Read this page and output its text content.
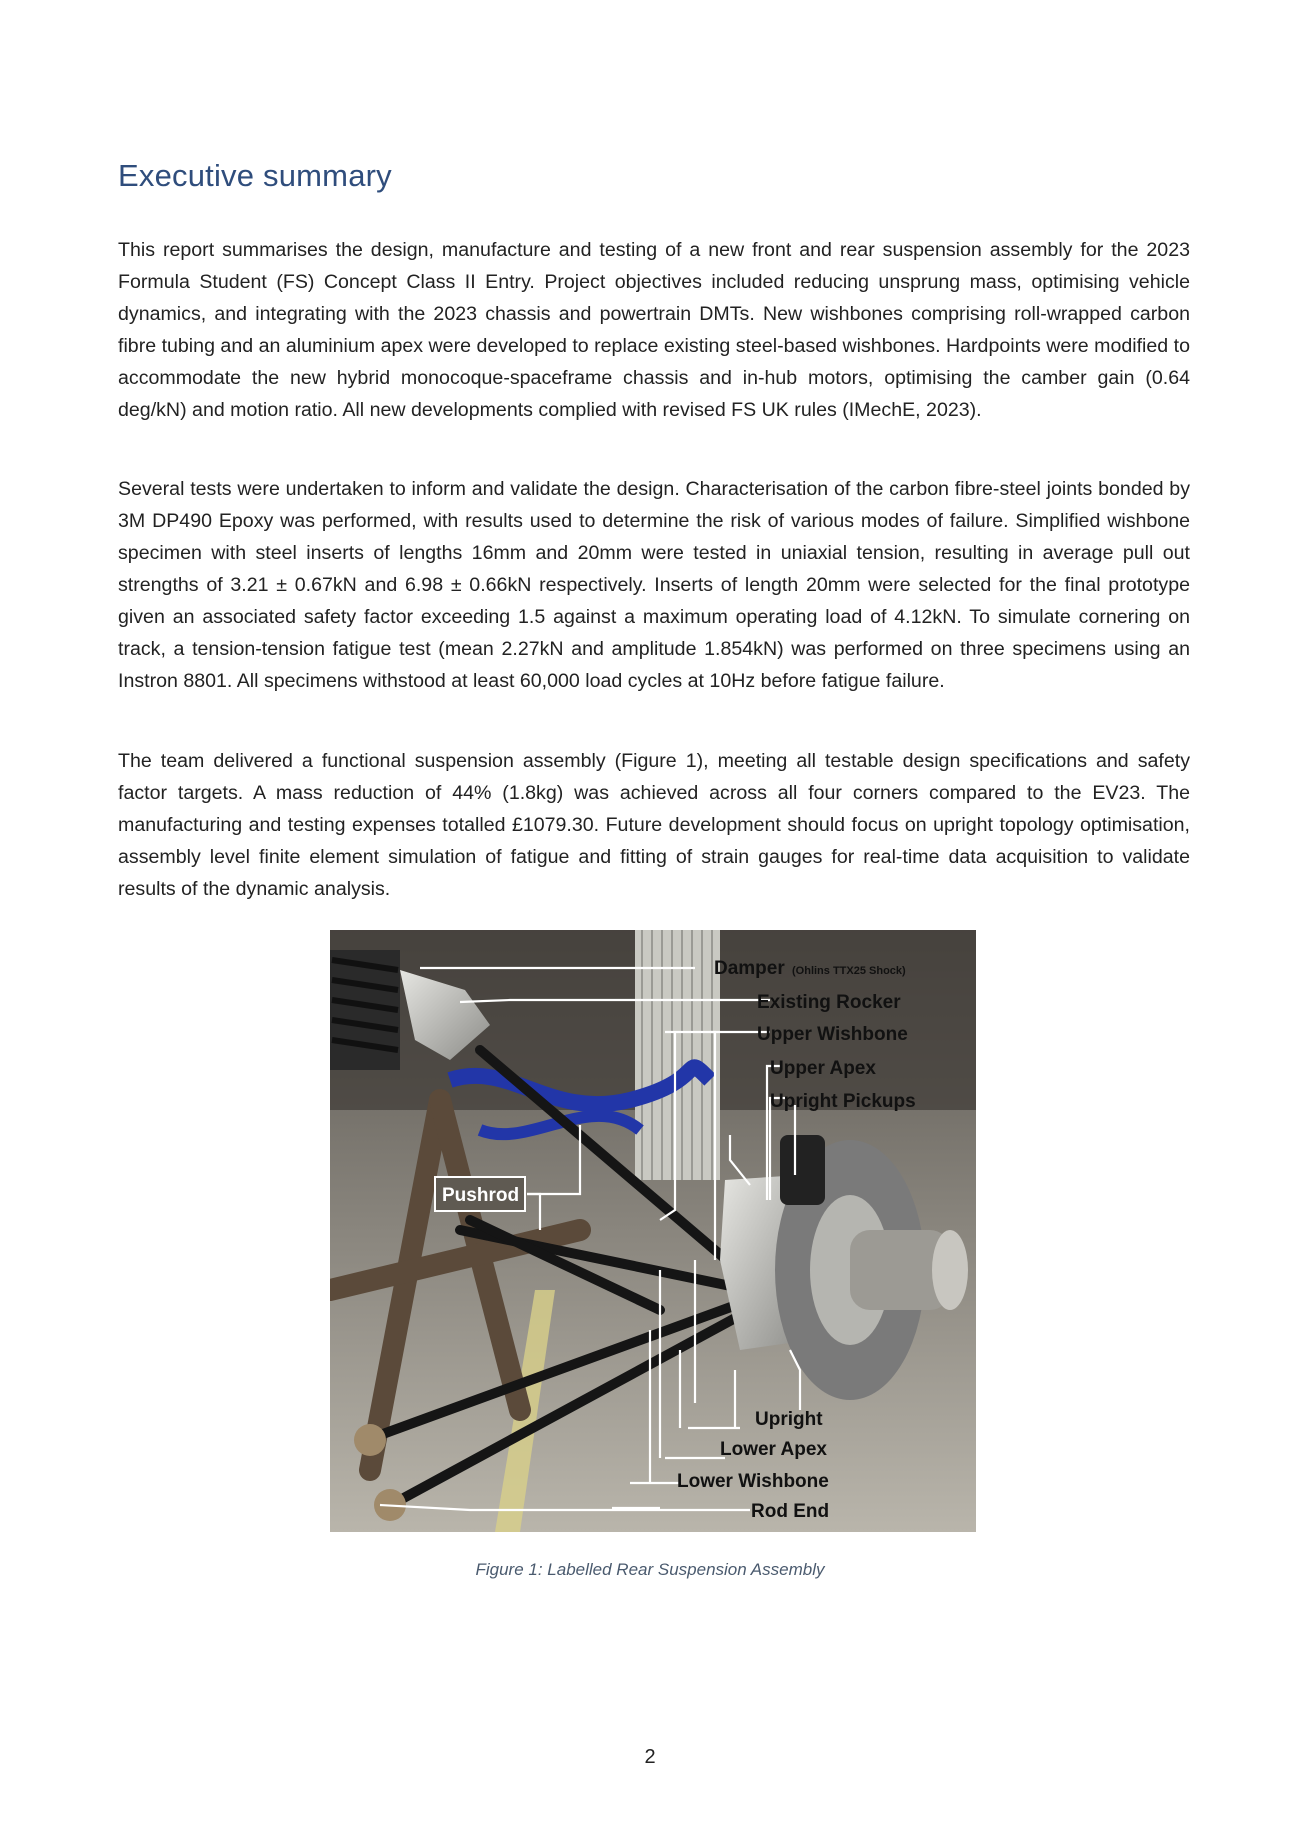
Executive summary

This report summarises the design, manufacture and testing of a new front and rear suspension assembly for the 2023 Formula Student (FS) Concept Class II Entry. Project objectives included reducing unsprung mass, optimising vehicle dynamics, and integrating with the 2023 chassis and powertrain DMTs. New wishbones comprising roll-wrapped carbon fibre tubing and an aluminium apex were developed to replace existing steel-based wishbones. Hardpoints were modified to accommodate the new hybrid monocoque-spaceframe chassis and in-hub motors, optimising the camber gain (0.64 deg/kN) and motion ratio. All new developments complied with revised FS UK rules (IMechE, 2023).

Several tests were undertaken to inform and validate the design. Characterisation of the carbon fibre-steel joints bonded by 3M DP490 Epoxy was performed, with results used to determine the risk of various modes of failure. Simplified wishbone specimen with steel inserts of lengths 16mm and 20mm were tested in uniaxial tension, resulting in average pull out strengths of 3.21 ± 0.67kN and 6.98 ± 0.66kN respectively. Inserts of length 20mm were selected for the final prototype given an associated safety factor exceeding 1.5 against a maximum operating load of 4.12kN. To simulate cornering on track, a tension-tension fatigue test (mean 2.27kN and amplitude 1.854kN) was performed on three specimens using an Instron 8801. All specimens withstood at least 60,000 load cycles at 10Hz before fatigue failure.

The team delivered a functional suspension assembly (Figure 1), meeting all testable design specifications and safety factor targets. A mass reduction of 44% (1.8kg) was achieved across all four corners compared to the EV23. The manufacturing and testing expenses totalled £1079.30. Future development should focus on upright topology optimisation, assembly level finite element simulation of fatigue and fitting of strain gauges for real-time data acquisition to validate results of the dynamic analysis.

Damper (Ohlins TTX25 Shock)
Existing Rocker
Upper Wishbone
Upper Apex
Upright Pickups
Pushrod
Upright
Lower Apex
Lower Wishbone
Rod End
Figure 1: Labelled Rear Suspension Assembly
2
